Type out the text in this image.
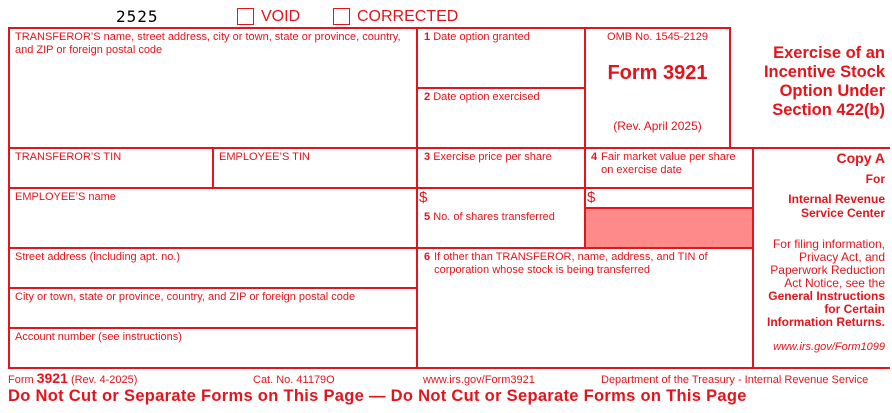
2525	VOID	CORRECTED
TRANSFEROR’S name, street address, city or town, state or province, country, and ZIP or foreign postal code
1 Date option granted
2 Date option exercised
OMB No. 1545-2129
Form 3921
(Rev. April 2025)
Exercise of an
Incentive Stock
Option Under
Section 422(b)
TRANSFEROR’S TIN	EMPLOYEE’S TIN	3 Exercise price per share
$
4 Fair market value per share on exercise date
$
EMPLOYEE’S name
5 No. of shares transferred
Street address (including apt. no.)
City or town, state or province, country, and ZIP or foreign postal code
Account number (see instructions)
6 If other than TRANSFEROR, name, address, and TIN of corporation whose stock is being transferred
Copy A
For
Internal Revenue
Service Center
For filing information,
Privacy Act, and
Paperwork Reduction
Act Notice, see the
General Instructions
for Certain
Information Returns.
www.irs.gov/Form1099
Form 3921 (Rev. 4-2025)	Cat. No. 41179O	www.irs.gov/Form3921	Department of the Treasury - Internal Revenue Service
Do Not Cut or Separate Forms on This Page — Do Not Cut or Separate Forms on This Page
